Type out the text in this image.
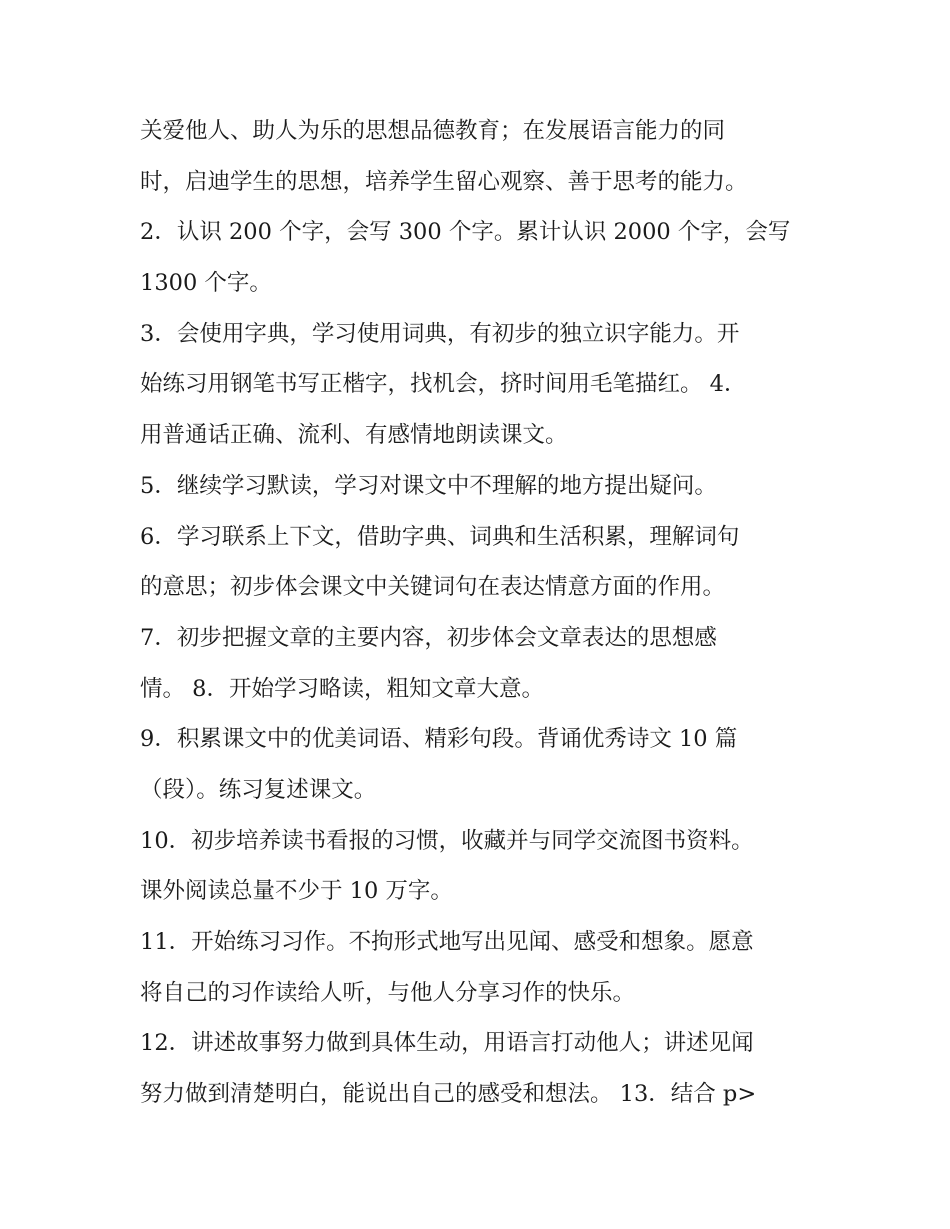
关爱他人、助人为乐的思想品德教育；在发展语言能力的同
时，启迪学生的思想，培养学生留心观察、善于思考的能力。
2．认识 200 个字，会写 300 个字。累计认识 2000 个字，会写
1300 个字。
3．会使用字典，学习使用词典，有初步的独立识字能力。开
始练习用钢笔书写正楷字，找机会，挤时间用毛笔描红。 4．
用普通话正确、流利、有感情地朗读课文。
5．继续学习默读，学习对课文中不理解的地方提出疑问。
6．学习联系上下文，借助字典、词典和生活积累，理解词句
的意思；初步体会课文中关键词句在表达情意方面的作用。
7．初步把握文章的主要内容，初步体会文章表达的思想感
情。 8．开始学习略读，粗知文章大意。
9．积累课文中的优美词语、精彩句段。背诵优秀诗文 10 篇
（段）。练习复述课文。
10．初步培养读书看报的习惯，收藏并与同学交流图书资料。
课外阅读总量不少于 10 万字。
11．开始练习习作。不拘形式地写出见闻、感受和想象。愿意
将自己的习作读给人听，与他人分享习作的快乐。
12．讲述故事努力做到具体生动，用语言打动他人；讲述见闻
努力做到清楚明白，能说出自己的感受和想法。 13．结合 p>
